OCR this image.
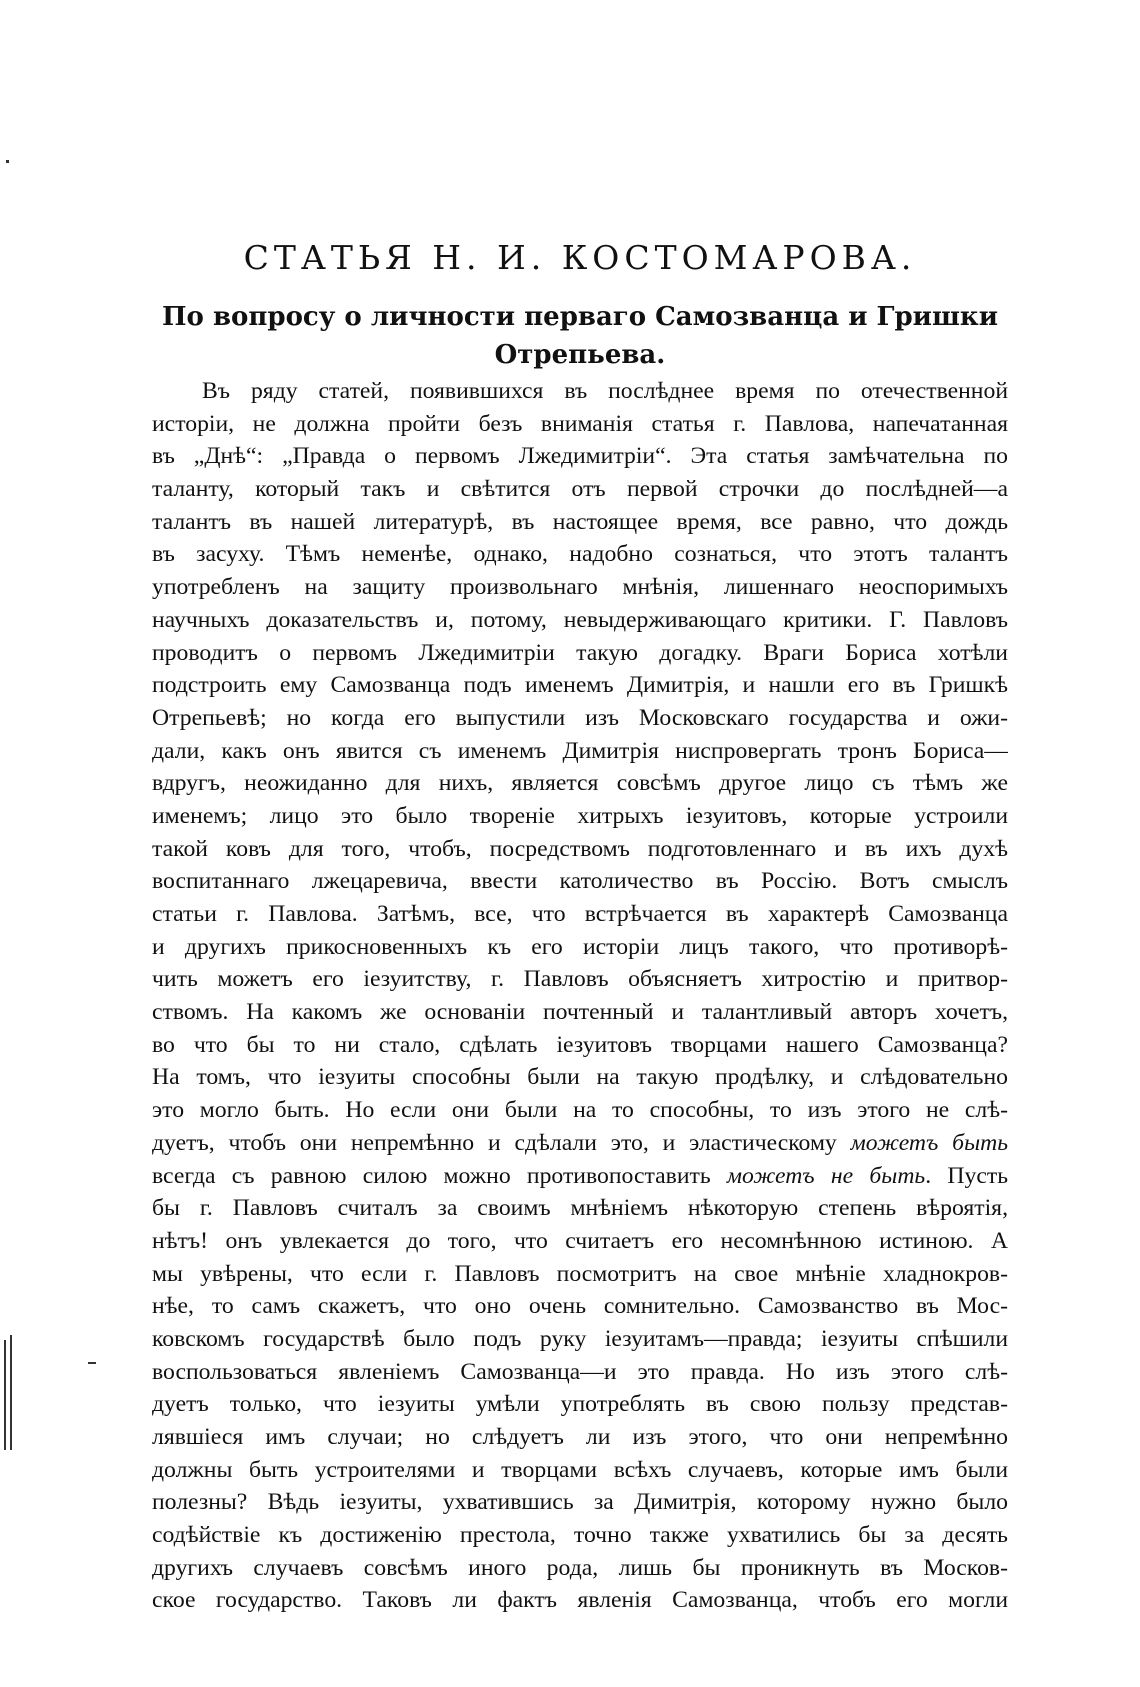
СТАТЬЯ Н. И. КОСТОМАРОВА.
По вопросу о личности перваго Самозванца и Гришки
Отрепьева.
Въ ряду статей, появившихся въ послѣднее время по отечественной
исторіи, не должна пройти безъ вниманія статья г. Павлова, напечатанная
въ „Днѣ“: „Правда о первомъ Лжедимитріи“. Эта статья замѣчательна по
таланту, который такъ и свѣтится отъ первой строчки до послѣдней—а
талантъ въ нашей литературѣ, въ настоящее время, все равно, что дождь
въ засуху. Тѣмъ неменѣе, однако, надобно сознаться, что этотъ талантъ
употребленъ на защиту произвольнаго мнѣнія, лишеннаго неоспоримыхъ
научныхъ доказательствъ и, потому, невыдерживающаго критики. Г. Павловъ
проводитъ о первомъ Лжедимитріи такую догадку. Враги Бориса хотѣли
подстроить ему Самозванца подъ именемъ Димитрія, и нашли его въ Гришкѣ
Отрепьевѣ; но когда его выпустили изъ Московскаго государства и ожи-
дали, какъ онъ явится съ именемъ Димитрія ниспровергать тронъ Бориса—
вдругъ, неожиданно для нихъ, является совсѣмъ другое лицо съ тѣмъ же
именемъ; лицо это было твореніе хитрыхъ іезуитовъ, которые устроили
такой ковъ для того, чтобъ, посредствомъ подготовленнаго и въ ихъ духѣ
воспитаннаго лжецаревича, ввести католичество въ Россію. Вотъ смыслъ
статьи г. Павлова. Затѣмъ, все, что встрѣчается въ характерѣ Самозванца
и другихъ прикосновенныхъ къ его исторіи лицъ такого, что противорѣ-
чить можетъ его іезуитству, г. Павловъ объясняетъ хитростію и притвор-
ствомъ. На какомъ же основаніи почтенный и талантливый авторъ хочетъ,
во что бы то ни стало, сдѣлать іезуитовъ творцами нашего Самозванца?
На томъ, что іезуиты способны были на такую продѣлку, и слѣдовательно
это могло быть. Но если они были на то способны, то изъ этого не слѣ-
дуетъ, чтобъ они непремѣнно и сдѣлали это, и эластическому можетъ быть
всегда съ равною силою можно противопоставить можетъ не быть. Пусть
бы г. Павловъ считалъ за своимъ мнѣніемъ нѣкоторую степень вѣроятія,
нѣтъ! онъ увлекается до того, что считаетъ его несомнѣнною истиною. А
мы увѣрены, что если г. Павловъ посмотритъ на свое мнѣніе хладнокров-
нѣе, то самъ скажетъ, что оно очень сомнительно. Самозванство въ Мос-
ковскомъ государствѣ было подъ руку іезуитамъ—правда; іезуиты спѣшили
воспользоваться явленіемъ Самозванца—и это правда. Но изъ этого слѣ-
дуетъ только, что іезуиты умѣли употреблять въ свою пользу представ-
лявшіеся имъ случаи; но слѣдуетъ ли изъ этого, что они непремѣнно
должны быть устроителями и творцами всѣхъ случаевъ, которые имъ были
полезны? Вѣдь іезуиты, ухватившись за Димитрія, которому нужно было
содѣйствіе къ достиженію престола, точно также ухватились бы за десять
другихъ случаевъ совсѣмъ иного рода, лишь бы проникнуть въ Москов-
ское государство. Таковъ ли фактъ явленія Самозванца, чтобъ его могли
